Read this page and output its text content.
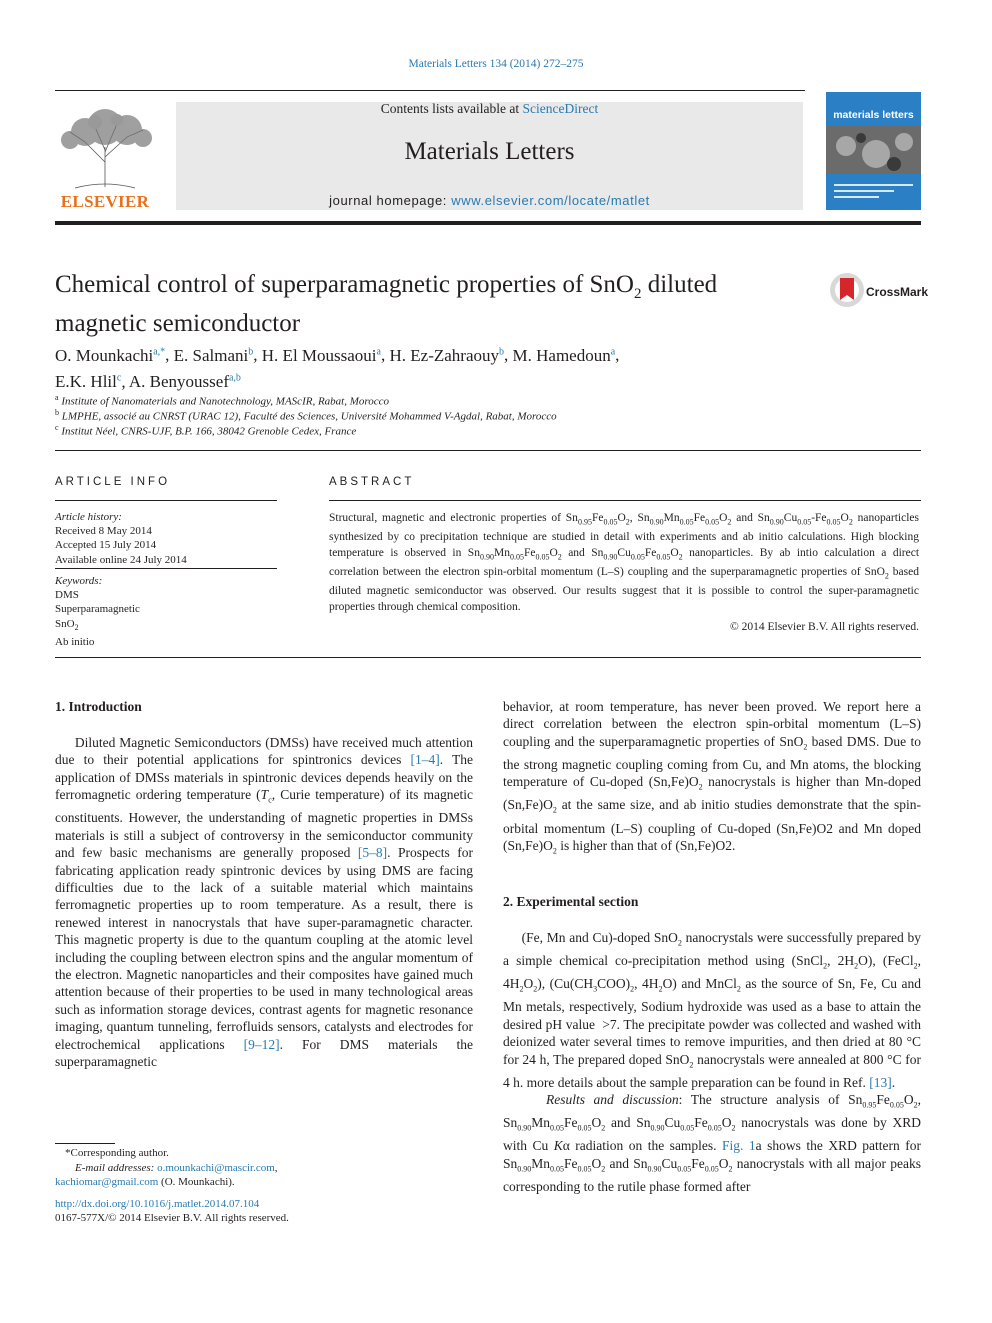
Materials Letters 134 (2014) 272–275
ELSEVIER
Contents lists available at ScienceDirect
Materials Letters
journal homepage: www.elsevier.com/locate/matlet
materials letters
Chemical control of superparamagnetic properties of SnO$_2$ diluted magnetic semiconductor
CrossMark
O. Mounkachi$^{a,*}$, E. Salmani$^b$, H. El Moussaoui$^a$, H. Ez-Zahraouy$^b$, M. Hamedoun$^a$,
E.K. Hlil$^c$, A. Benyoussef$^{a,b}$
$^a$ Institute of Nanomaterials and Nanotechnology, MAScIR, Rabat, Morocco
$^b$ LMPHE, associé au CNRST (URAC 12), Faculté des Sciences, Université Mohammed V-Agdal, Rabat, Morocco
$^c$ Institut Néel, CNRS-UJF, B.P. 166, 38042 Grenoble Cedex, France
ARTICLE INFO
Article history:
Received 8 May 2014
Accepted 15 July 2014
Available online 24 July 2014
Keywords:
DMS
Superparamagnetic
SnO$_2$
Ab initio
ABSTRACT
Structural, magnetic and electronic properties of $Sn_{0.95}Fe_{0.05}O_2$, $Sn_{0.90}Mn_{0.05}Fe_{0.05}O_2$ and $Sn_{0.90}Cu_{0.05}-Fe_{0.05}O_2$ nanoparticles synthesized by co precipitation technique are studied in detail with experiments and ab initio calculations. High blocking temperature is observed in $Sn_{0.90}Mn_{0.05}Fe_{0.05}O_2$ and $Sn_{0.90}Cu_{0.05}Fe_{0.05}O_2$ nanoparticles. By ab intio calculation a direct correlation between the electron spin-orbital momentum (L–S) coupling and the superparamagnetic properties of SnO$_2$ based diluted magnetic semiconductor was observed. Our results suggest that it is possible to control the super-paramagnetic properties through chemical composition.
© 2014 Elsevier B.V. All rights reserved.
1. Introduction
Diluted Magnetic Semiconductors (DMSs) have received much attention due to their potential applications for spintronics devices [1–4]. The application of DMSs materials in spintronic devices depends heavily on the ferromagnetic ordering temperature ($T_c$, Curie temperature) of its magnetic constituents. However, the understanding of magnetic properties in DMSs materials is still a subject of controversy in the semiconductor community and few basic mechanisms are generally proposed [5–8]. Prospects for fabricating application ready spintronic devices by using DMS are facing difficulties due to the lack of a suitable material which maintains ferromagnetic properties up to room temperature. As a result, there is renewed interest in nanocrystals that have super-paramagnetic character. This magnetic property is due to the quantum coupling at the atomic level including the coupling between electron spins and the angular momentum of the electron. Magnetic nanoparticles and their composites have gained much attention because of their properties to be used in many technological areas such as information storage devices, contrast agents for magnetic resonance imaging, quantum tunneling, ferrofluids sensors, catalysts and electrodes for electrochemical applications [9–12]. For DMS materials the superparamagnetic
*Corresponding author.
E-mail addresses: o.mounkachi@mascir.com,
kachiomar@gmail.com (O. Mounkachi).
http://dx.doi.org/10.1016/j.matlet.2014.07.104
0167-577X/© 2014 Elsevier B.V. All rights reserved.
behavior, at room temperature, has never been proved. We report here a direct correlation between the electron spin-orbital momentum (L–S) coupling and the superparamagnetic properties of SnO$_2$ based DMS. Due to the strong magnetic coupling coming from Cu, and Mn atoms, the blocking temperature of Cu-doped $(Sn,Fe)O_2$ nanocrystals is higher than Mn-doped $(Sn,Fe)O_2$ at the same size, and ab initio studies demonstrate that the spin-orbital momentum (L–S) coupling of Cu-doped (Sn,Fe)O2 and Mn doped $(Sn,Fe)O_2$ is higher than that of (Sn,Fe)O2.
2. Experimental section
(Fe, Mn and Cu)-doped SnO$_2$ nanocrystals were successfully prepared by a simple chemical co-precipitation method using (SnCl$_2$, $2H_2O$), (FeCl$_2$, $4H_2O_2$), ($Cu(CH_3COO)_2$, $4H_2O$) and MnCl$_2$ as the source of Sn, Fe, Cu and Mn metals, respectively, Sodium hydroxide was used as a base to attain the desired pH value  >7. The precipitate powder was collected and washed with deionized water several times to remove impurities, and then dried at 80 °C for 24 h, The prepared doped SnO$_2$ nanocrystals were annealed at 800 °C for 4 h. more details about the sample preparation can be found in Ref. [13].
Results and discussion: The structure analysis of $Sn_{0.95}Fe_{0.05}O_2$, $Sn_{0.90}Mn_{0.05}Fe_{0.05}O_2$ and $Sn_{0.90}Cu_{0.05}Fe_{0.05}O_2$ nanocrystals was done by XRD with Cu Kα radiation on the samples. Fig. 1a shows the XRD pattern for $Sn_{0.90}Mn_{0.05}Fe_{0.05}O_2$ and $Sn_{0.90}Cu_{0.05}Fe_{0.05}O_2$ nanocrystals with all major peaks corresponding to the rutile phase formed after
